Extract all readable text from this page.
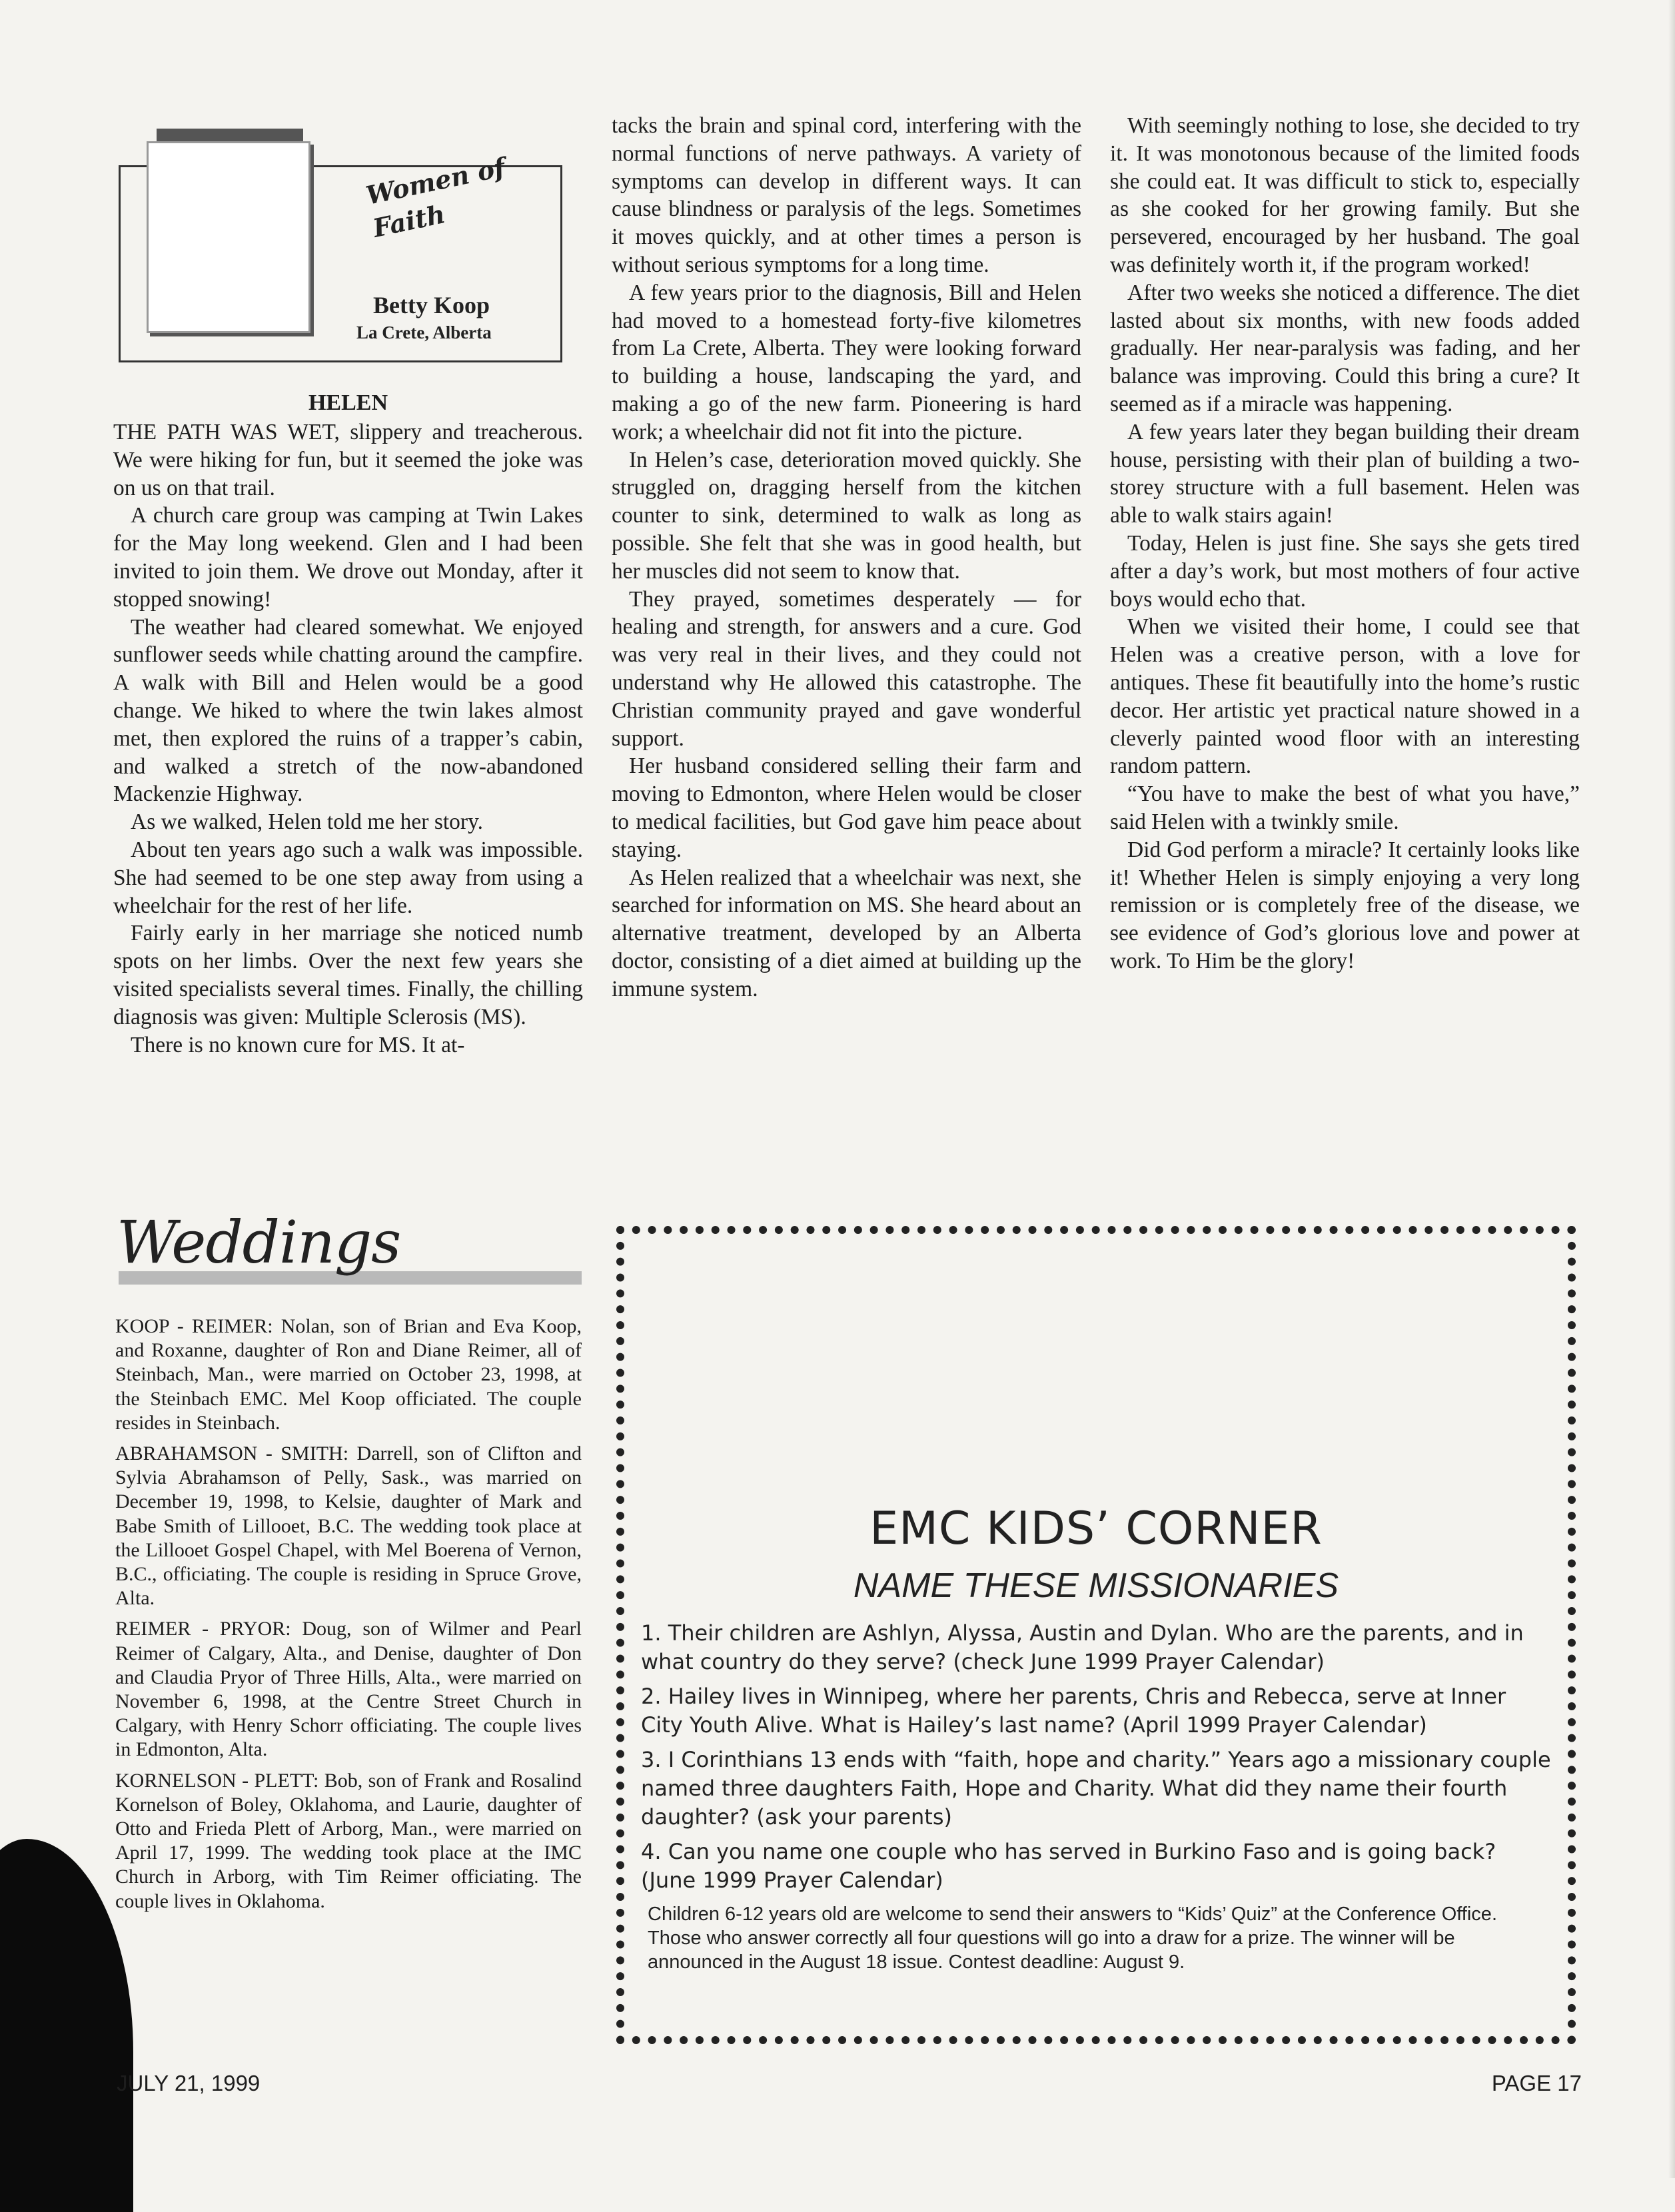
Women of Faith
Betty Koop
La Crete, Alberta
HELEN

THE PATH WAS WET, slippery and treacherous. We were hiking for fun, but it seemed the joke was on us on that trail.

A church care group was camping at Twin Lakes for the May long weekend. Glen and I had been invited to join them. We drove out Monday, after it stopped snowing!

The weather had cleared somewhat. We enjoyed sunflower seeds while chatting around the campfire. A walk with Bill and Helen would be a good change. We hiked to where the twin lakes almost met, then explored the ruins of a trapper’s cabin, and walked a stretch of the now-abandoned Mackenzie Highway.

As we walked, Helen told me her story.

About ten years ago such a walk was impossible. She had seemed to be one step away from using a wheelchair for the rest of her life.

Fairly early in her marriage she noticed numb spots on her limbs. Over the next few years she visited specialists several times. Finally, the chilling diagnosis was given: Multiple Sclerosis (MS).

There is no known cure for MS. It at-

tacks the brain and spinal cord, interfering with the normal functions of nerve pathways. A variety of symptoms can develop in different ways. It can cause blindness or paralysis of the legs. Sometimes it moves quickly, and at other times a person is without serious symptoms for a long time.

A few years prior to the diagnosis, Bill and Helen had moved to a homestead forty-five kilometres from La Crete, Alberta. They were looking forward to building a house, landscaping the yard, and making a go of the new farm. Pioneering is hard work; a wheelchair did not fit into the picture.

In Helen’s case, deterioration moved quickly. She struggled on, dragging herself from the kitchen counter to sink, determined to walk as long as possible. She felt that she was in good health, but her muscles did not seem to know that.

They prayed, sometimes desperately — for healing and strength, for answers and a cure. God was very real in their lives, and they could not understand why He allowed this catastrophe. The Christian community prayed and gave wonderful support.

Her husband considered selling their farm and moving to Edmonton, where Helen would be closer to medical facilities, but God gave him peace about staying.

As Helen realized that a wheelchair was next, she searched for information on MS. She heard about an alternative treatment, developed by an Alberta doctor, consisting of a diet aimed at building up the immune system.

With seemingly nothing to lose, she decided to try it. It was monotonous because of the limited foods she could eat. It was difficult to stick to, especially as she cooked for her growing family. But she persevered, encouraged by her husband. The goal was definitely worth it, if the program worked!

After two weeks she noticed a difference. The diet lasted about six months, with new foods added gradually. Her near-paralysis was fading, and her balance was improving. Could this bring a cure? It seemed as if a miracle was happening.

A few years later they began building their dream house, persisting with their plan of building a two-storey structure with a full basement. Helen was able to walk stairs again!

Today, Helen is just fine. She says she gets tired after a day’s work, but most mothers of four active boys would echo that.

When we visited their home, I could see that Helen was a creative person, with a love for antiques. These fit beautifully into the home’s rustic decor. Her artistic yet practical nature showed in a cleverly painted wood floor with an interesting random pattern.

“You have to make the best of what you have,” said Helen with a twinkly smile.

Did God perform a miracle? It certainly looks like it! Whether Helen is simply enjoying a very long remission or is completely free of the disease, we see evidence of God’s glorious love and power at work. To Him be the glory!

Weddings

KOOP - REIMER: Nolan, son of Brian and Eva Koop, and Roxanne, daughter of Ron and Diane Reimer, all of Steinbach, Man., were married on October 23, 1998, at the Steinbach EMC. Mel Koop officiated. The couple resides in Steinbach.

ABRAHAMSON - SMITH: Darrell, son of Clifton and Sylvia Abrahamson of Pelly, Sask., was married on December 19, 1998, to Kelsie, daughter of Mark and Babe Smith of Lillooet, B.C. The wedding took place at the Lillooet Gospel Chapel, with Mel Boerena of Vernon, B.C., officiating. The couple is residing in Spruce Grove, Alta.

REIMER - PRYOR: Doug, son of Wilmer and Pearl Reimer of Calgary, Alta., and Denise, daughter of Don and Claudia Pryor of Three Hills, Alta., were married on November 6, 1998, at the Centre Street Church in Calgary, with Henry Schorr officiating. The couple lives in Edmonton, Alta.

KORNELSON - PLETT: Bob, son of Frank and Rosalind Kornelson of Boley, Oklahoma, and Laurie, daughter of Otto and Frieda Plett of Arborg, Man., were married on April 17, 1999. The wedding took place at the IMC Church in Arborg, with Tim Reimer officiating. The couple lives in Oklahoma.

EMC KIDS’ CORNER
NAME THESE MISSIONARIES
1. Their children are Ashlyn, Alyssa, Austin and Dylan. Who are the parents, and in what country do they serve? (check June 1999 Prayer Calendar)
2. Hailey lives in Winnipeg, where her parents, Chris and Rebecca, serve at Inner City Youth Alive. What is Hailey’s last name? (April 1999 Prayer Calendar)
3. I Corinthians 13 ends with “faith, hope and charity.” Years ago a missionary couple named three daughters Faith, Hope and Charity. What did they name their fourth daughter? (ask your parents)
4. Can you name one couple who has served in Burkino Faso and is going back? (June 1999 Prayer Calendar)
Children 6-12 years old are welcome to send their answers to “Kids’ Quiz” at the Conference Office. Those who answer correctly all four questions will go into a draw for a prize. The winner will be announced in the August 18 issue. Contest deadline: August 9.
JULY 21, 1999	PAGE 17
